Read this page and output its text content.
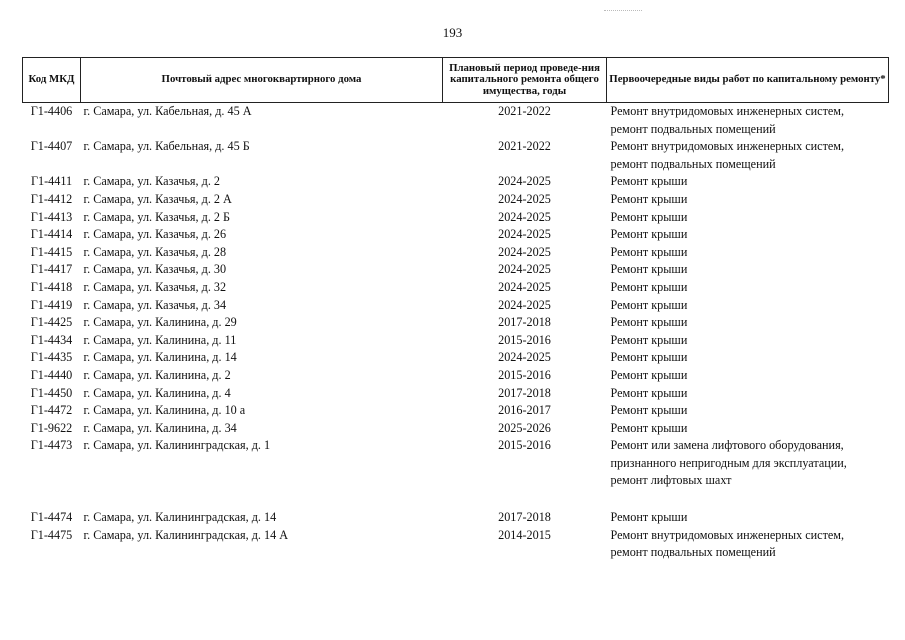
193
Код МКД	Почтовый адрес многоквартирного дома	Плановый период проведе-ния капитального ремонта общего имущества, годы	Первоочередные виды работ по капитальному ремонту*
Г1-4406	г. Самара, ул. Кабельная, д. 45 А	2021-2022	Ремонт внутридомовых инженерных систем,
ремонт подвальных помещений

Г1-4407	г. Самара, ул. Кабельная, д. 45 Б	2021-2022	Ремонт внутридомовых инженерных систем,
ремонт подвальных помещений

Г1-4411	г. Самара, ул. Казачья, д. 2	2024-2025	Ремонт крыши

Г1-4412	г. Самара, ул. Казачья, д. 2 А	2024-2025	Ремонт крыши

Г1-4413	г. Самара, ул. Казачья, д. 2 Б	2024-2025	Ремонт крыши

Г1-4414	г. Самара, ул. Казачья, д. 26	2024-2025	Ремонт крыши

Г1-4415	г. Самара, ул. Казачья, д. 28	2024-2025	Ремонт крыши

Г1-4417	г. Самара, ул. Казачья, д. 30	2024-2025	Ремонт крыши

Г1-4418	г. Самара, ул. Казачья, д. 32	2024-2025	Ремонт крыши

Г1-4419	г. Самара, ул. Казачья, д. 34	2024-2025	Ремонт крыши

Г1-4425	г. Самара, ул. Калинина, д. 29	2017-2018	Ремонт крыши

Г1-4434	г. Самара, ул. Калинина, д. 11	2015-2016	Ремонт крыши

Г1-4435	г. Самара, ул. Калинина, д. 14	2024-2025	Ремонт крыши

Г1-4440	г. Самара, ул. Калинина, д. 2	2015-2016	Ремонт крыши

Г1-4450	г. Самара, ул. Калинина, д. 4	2017-2018	Ремонт крыши

Г1-4472	г. Самара, ул. Калинина, д. 10 а	2016-2017	Ремонт крыши

Г1-9622	г. Самара, ул. Калинина, д. 34	2025-2026	Ремонт крыши

Г1-4473	г. Самара, ул. Калининградская, д. 1	2015-2016	Ремонт или замена лифтового оборудования,
признанного непригодным для эксплуатации,
ремонт лифтовых шахт

Г1-4474	г. Самара, ул. Калининградская, д. 14	2017-2018	Ремонт крыши

Г1-4475	г. Самара, ул. Калининградская, д. 14 А	2014-2015	Ремонт внутридомовых инженерных систем,
ремонт подвальных помещений
